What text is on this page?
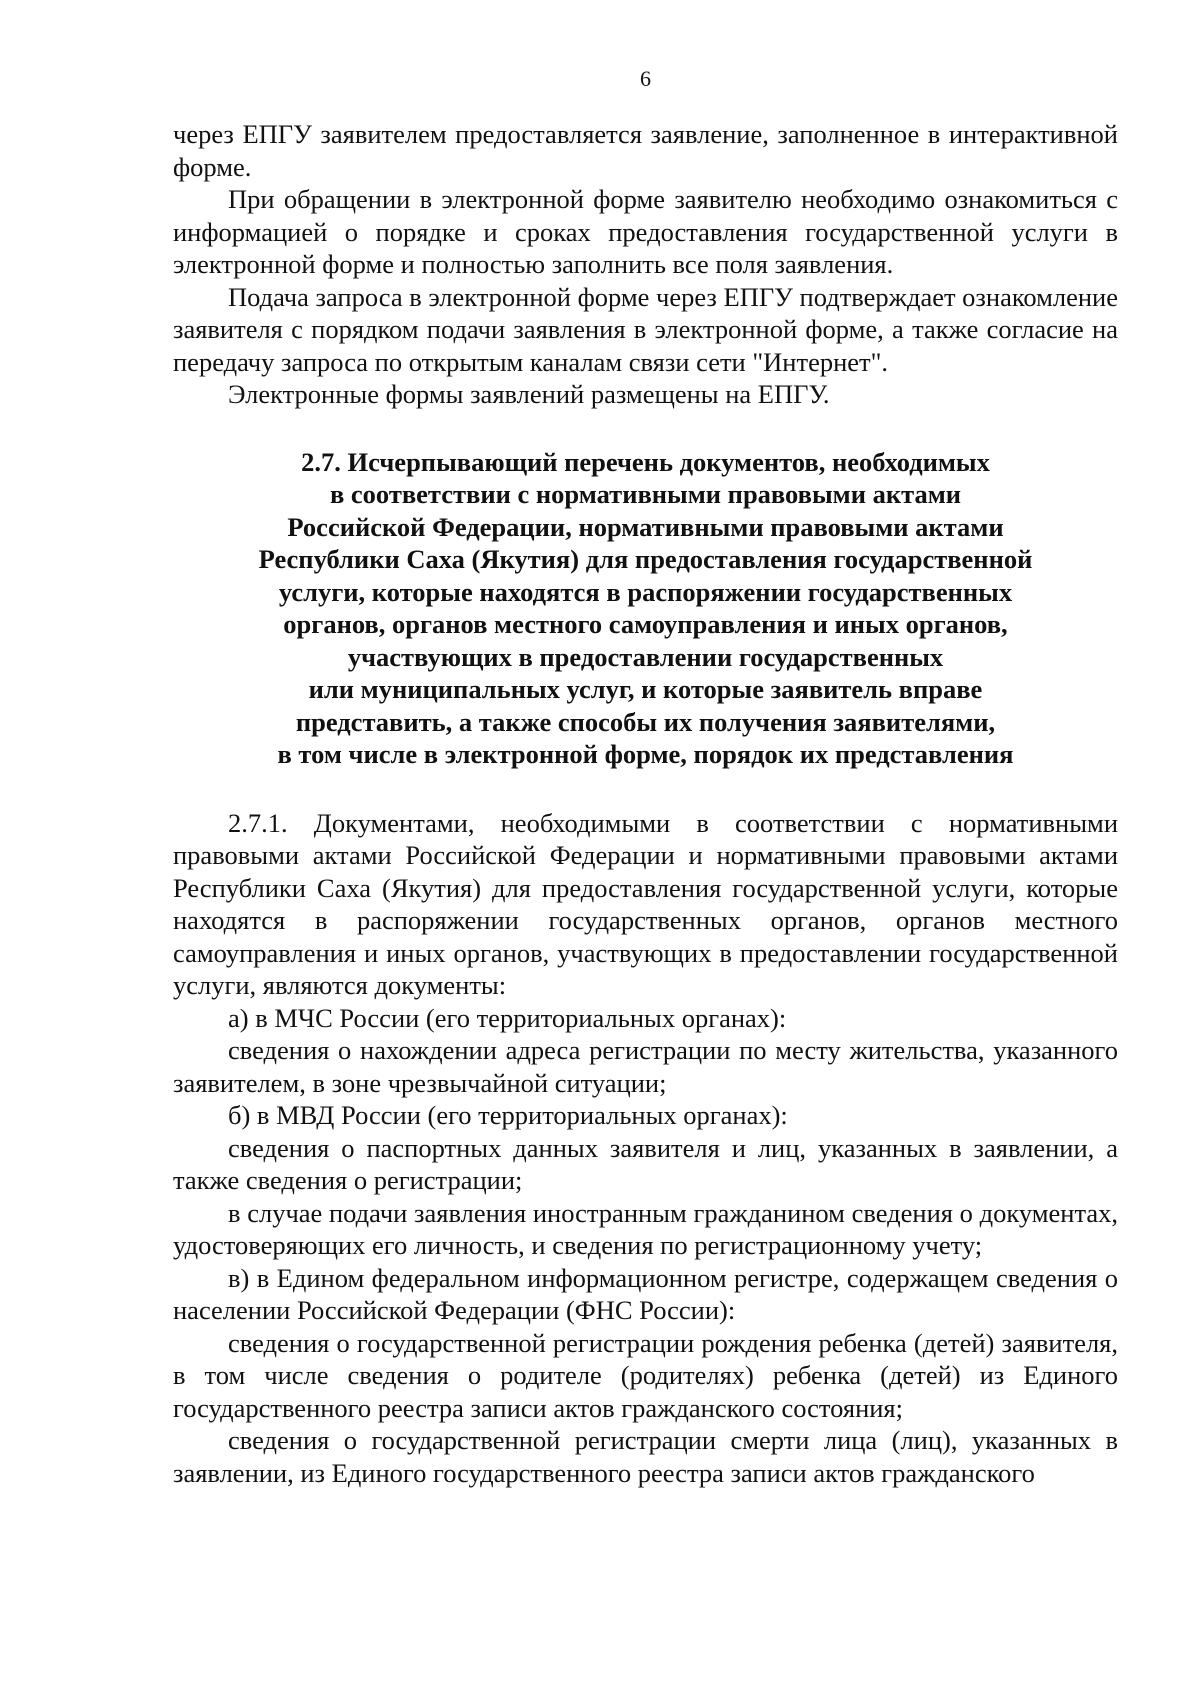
6

через ЕПГУ заявителем предоставляется заявление, заполненное в интерактивной форме.

При обращении в электронной форме заявителю необходимо ознакомиться с информацией о порядке и сроках предоставления государственной услуги в электронной форме и полностью заполнить все поля заявления.

Подача запроса в электронной форме через ЕПГУ подтверждает ознакомление заявителя с порядком подачи заявления в электронной форме, а также согласие на передачу запроса по открытым каналам связи сети "Интернет".

Электронные формы заявлений размещены на ЕПГУ.

2.7. Исчерпывающий перечень документов, необходимых
в соответствии с нормативными правовыми актами
Российской Федерации, нормативными правовыми актами
Республики Саха (Якутия) для предоставления государственной
услуги, которые находятся в распоряжении государственных
органов, органов местного самоуправления и иных органов,
участвующих в предоставлении государственных
или муниципальных услуг, и которые заявитель вправе
представить, а также способы их получения заявителями,
в том числе в электронной форме, порядок их представления

2.7.1. Документами, необходимыми в соответствии с нормативными правовыми актами Российской Федерации и нормативными правовыми актами Республики Саха (Якутия) для предоставления государственной услуги, которые находятся в распоряжении государственных органов, органов местного самоуправления и иных органов, участвующих в предоставлении государственной услуги, являются документы:

а) в МЧС России (его территориальных органах):

сведения о нахождении адреса регистрации по месту жительства, указанного заявителем, в зоне чрезвычайной ситуации;

б) в МВД России (его территориальных органах):

сведения о паспортных данных заявителя и лиц, указанных в заявлении, а также сведения о регистрации;

в случае подачи заявления иностранным гражданином сведения о документах, удостоверяющих его личность, и сведения по регистрационному учету;

в) в Едином федеральном информационном регистре, содержащем сведения о населении Российской Федерации (ФНС России):

сведения о государственной регистрации рождения ребенка (детей) заявителя, в том числе сведения о родителе (родителях) ребенка (детей) из Единого государственного реестра записи актов гражданского состояния;

сведения о государственной регистрации смерти лица (лиц), указанных в заявлении, из Единого государственного реестра записи актов гражданского
